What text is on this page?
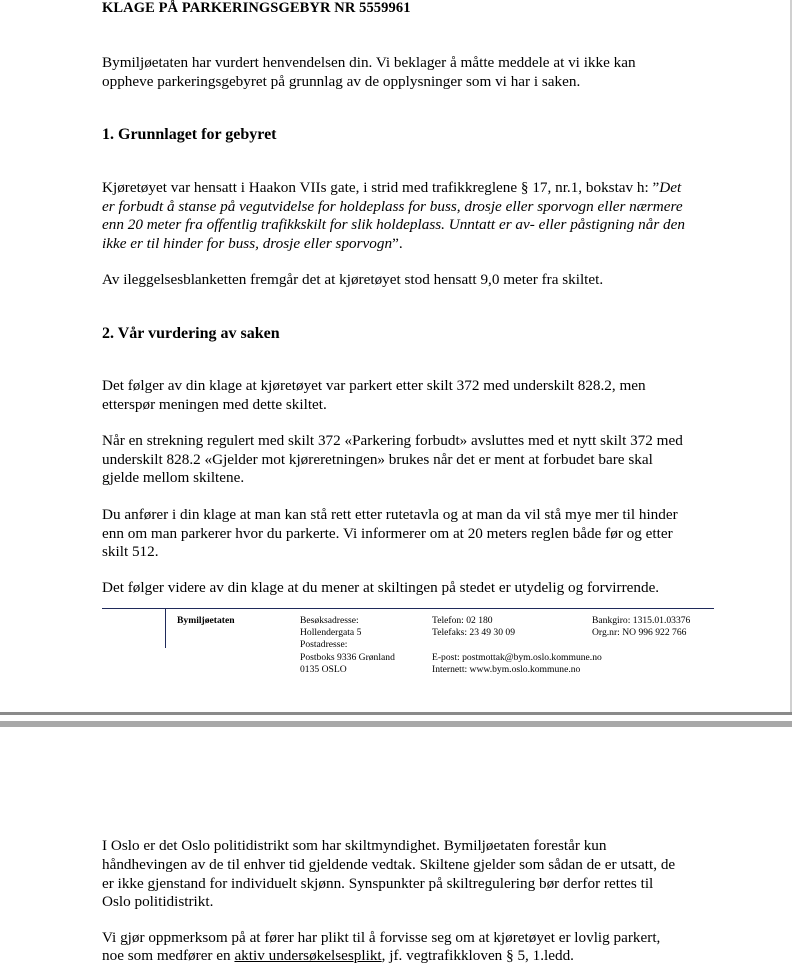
KLAGE PÅ PARKERINGSGEBYR NR 5559961

Bymiljøetaten har vurdert henvendelsen din. Vi beklager å måtte meddele at vi ikke kan

oppheve parkeringsgebyret på grunnlag av de opplysninger som vi har i saken.

1. Grunnlaget for gebyret

Kjøretøyet var hensatt i Haakon VIIs gate, i strid med trafikkreglene § 17, nr.1, bokstav h: ”Det

er forbudt å stanse på vegutvidelse for holdeplass for buss, drosje eller sporvogn eller nærmere

enn 20 meter fra offentlig trafikkskilt for slik holdeplass. Unntatt er av- eller påstigning når den

ikke er til hinder for buss, drosje eller sporvogn”.

Av ileggelsesblanketten fremgår det at kjøretøyet stod hensatt 9,0 meter fra skiltet.

2. Vår vurdering av saken

Det følger av din klage at kjøretøyet var parkert etter skilt 372 med underskilt 828.2, men

etterspør meningen med dette skiltet.

Når en strekning regulert med skilt 372 «Parkering forbudt» avsluttes med et nytt skilt 372 med

underskilt 828.2 «Gjelder mot kjøreretningen» brukes når det er ment at forbudet bare skal

gjelde mellom skiltene.

Du anfører i din klage at man kan stå rett etter rutetavla og at man da vil stå mye mer til hinder

enn om man parkerer hvor du parkerte. Vi informerer om at 20 meters reglen både før og etter

skilt 512.

Det følger videre av din klage at du mener at skiltingen på stedet er utydelig og forvirrende.

Bymiljøetaten	Besøksadresse:

Hollendergata 5

Postadresse:

Postboks 9336 Grønland

0135 OSLO

Telefon: 02 180

Telefaks: 23 49 30 09

E-post: postmottak@bym.oslo.kommune.no

Internett: www.bym.oslo.kommune.no

Bankgiro: 1315.01.03376

Org.nr: NO 996 922 766

I Oslo er det Oslo politidistrikt som har skiltmyndighet. Bymiljøetaten forestår kun

håndhevingen av de til enhver tid gjeldende vedtak. Skiltene gjelder som sådan de er utsatt, de

er ikke gjenstand for individuelt skjønn. Synspunkter på skiltregulering bør derfor rettes til

Oslo politidistrikt.

Vi gjør oppmerksom på at fører har plikt til å forvisse seg om at kjøretøyet er lovlig parkert,

noe som medfører en aktiv undersøkelsesplikt, jf. vegtrafikkloven § 5, 1.ledd.
